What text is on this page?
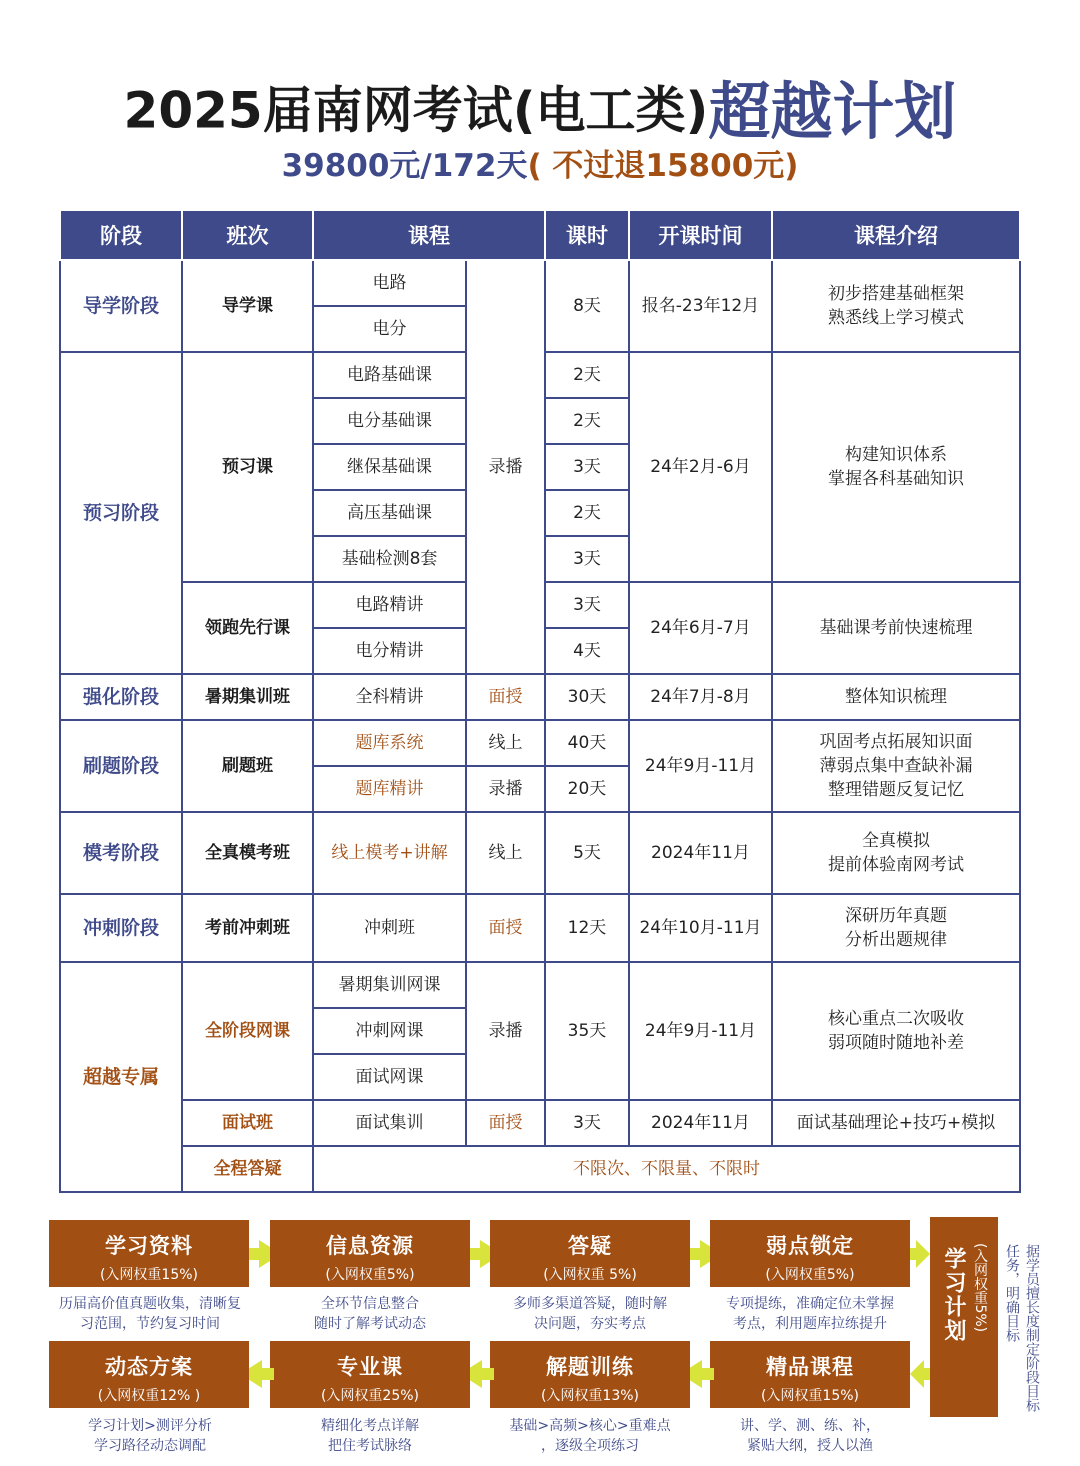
2025届南网考试(电工类)超越计划
39800元/172天( 不过退15800元)
阶段	班次	课程		课时	开课时间	课程介绍
导学阶段	导学课	电路	录播	8天	报名-23年12月	初步搭建基础框架
熟悉线上学习模式

		电分				
预习阶段	预习课	电路基础课		2天	24年2月-6月	构建知识体系
掌握各科基础知识

		电分基础课		2天		
		继保基础课		3天		
		高压基础课		2天		
		基础检测8套		3天		
	领跑先行课	电路精讲		3天	24年6月-7月	基础课考前快速梳理
		电分精讲		4天		
强化阶段	暑期集训班	全科精讲	面授	30天	24年7月-8月	整体知识梳理
刷题阶段	刷题班	题库系统	线上	40天	24年9月-11月	巩固考点拓展知识面
薄弱点集中查缺补漏
整理错题反复记忆

		题库精讲	录播	20天		
模考阶段	全真模考班	线上模考+讲解	线上	5天	2024年11月	全真模拟
提前体验南网考试

冲刺阶段	考前冲刺班	冲刺班	面授	12天	24年10月-11月	深研历年真题
分析出题规律

超越专属	全阶段网课	暑期集训网课	录播	35天	24年9月-11月	核心重点二次吸收
弱项随时随地补差

		冲刺网课				
		面试网课				
	面试班	面试集训	面授	3天	2024年11月	面试基础理论+技巧+模拟
	全程答疑	不限次、不限量、不限时				
学习资料
(入网权重15%)
历届高价值真题收集，清晰复
习范围，节约复习时间
信息资源
(入网权重5%)
全环节信息整合
随时了解考试动态
答疑
(入网权重 5%)
多师多渠道答疑，随时解
决问题，夯实考点
弱点锁定
(入网权重5%)
专项提练，准确定位未掌握
考点，利用题库拉练提升	学习计划 (入网权重5%)	据学员擅长度制定阶段目标任务，明确目标
精品课程
(入网权重15%)
讲、学、测、练、补，
紧贴大纲，授人以渔
解题训练
(入网权重13%)
基础>高频>核心>重难点
，逐级全项练习
专业课
(入网权重25%)
精细化考点详解
把住考试脉络
动态方案
(入网权重12% )
学习计划>测评分析
学习路径动态调配
